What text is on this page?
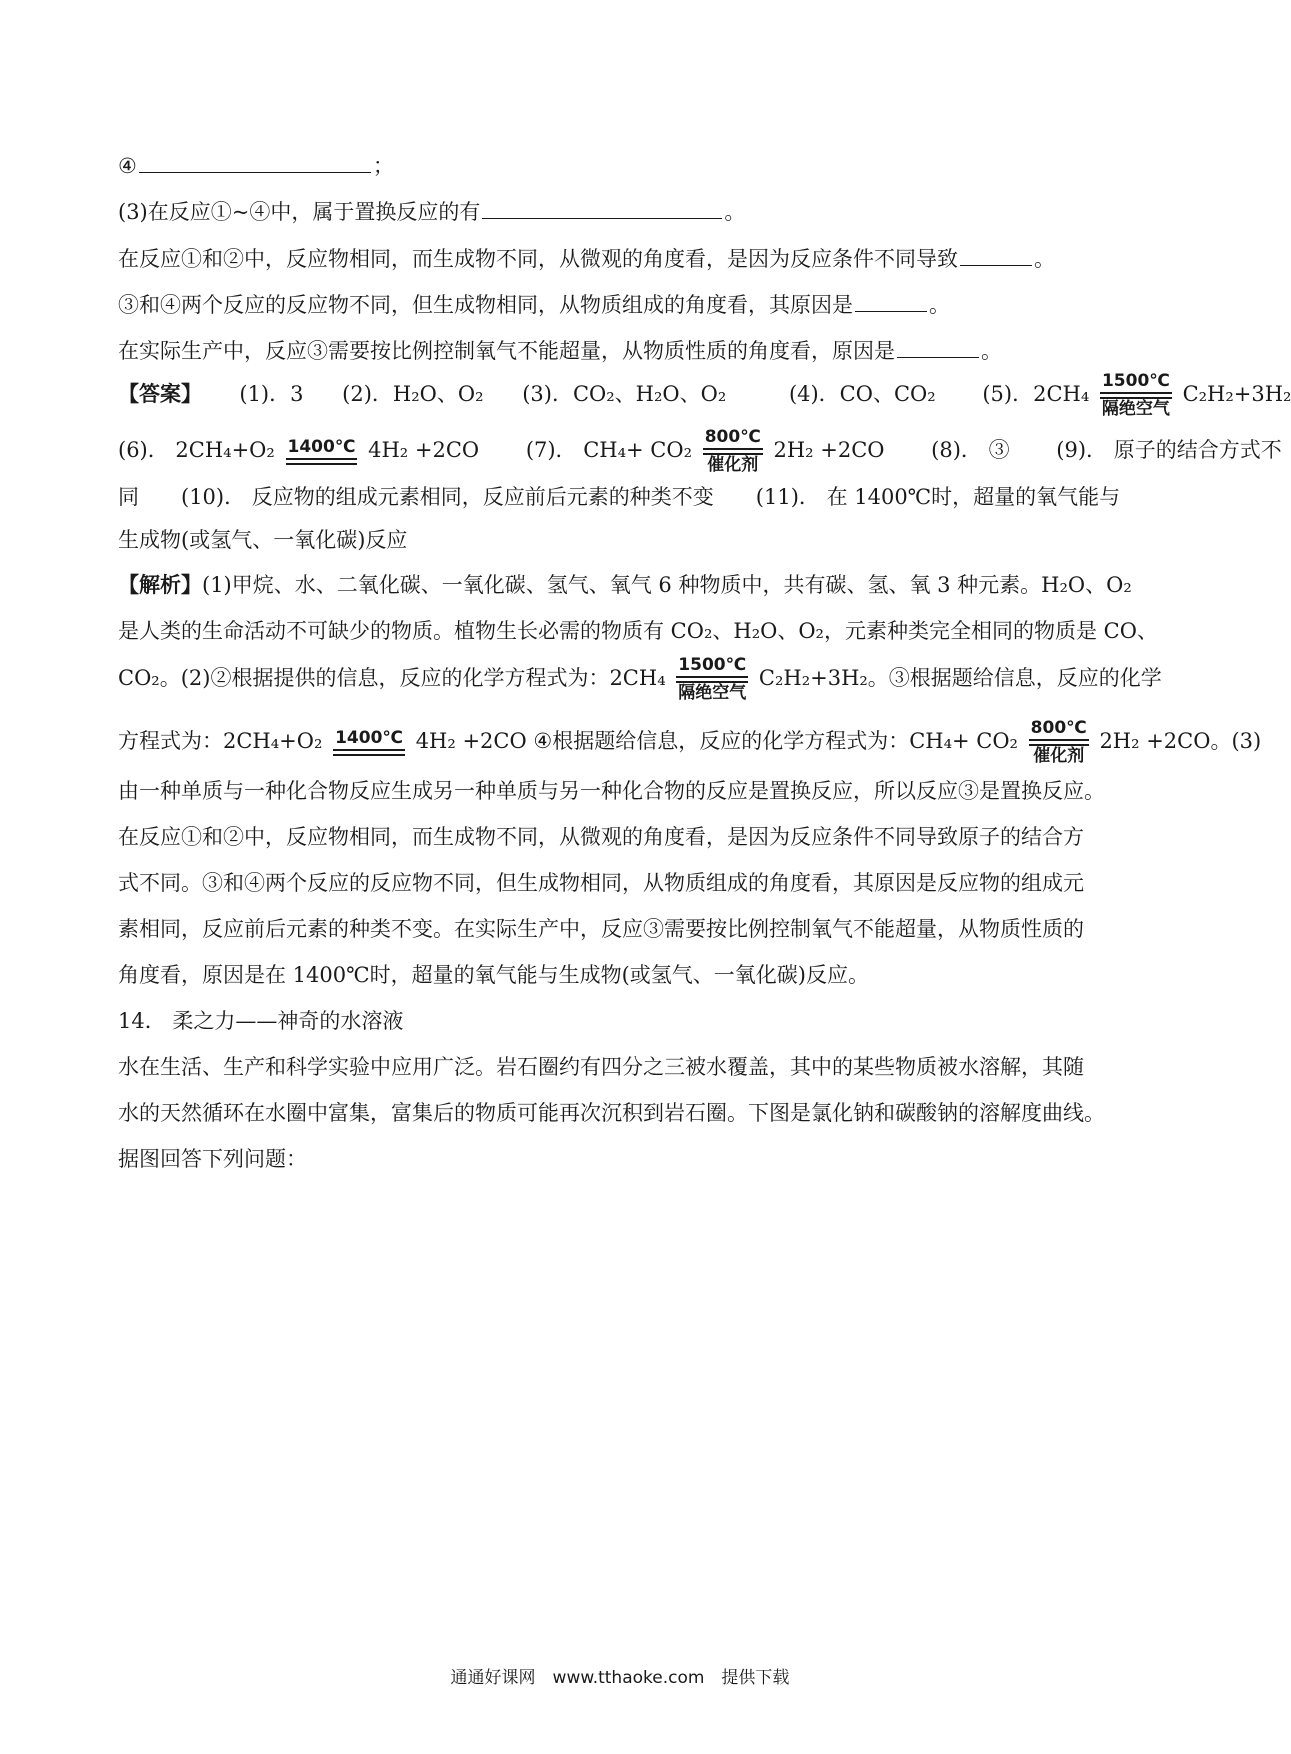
④	；
(3)在反应①~④中，属于置换反应的有	。
在反应①和②中，反应物相同，而生成物不同，从微观的角度看，是因为反应条件不同导致	。
③和④两个反应的反应物不同，但生成物相同，从物质组成的角度看，其原因是	。
在实际生产中，反应③需要按比例控制氧气不能超量，从物质性质的角度看，原因是	。
【答案】 (1)．3 (2)．H₂O、O₂ (3)．CO₂、H₂O、O₂	(4)．CO、CO₂ (5)．2CH₄
1500℃
隔绝空气
C₂H₂+3H₂
(6)． 2CH₄+O₂ 1400℃ 4H₂ +2CO (7)． CH₄+ CO₂
800℃
催化剂
2H₂ +2CO (8)． ③ (9)． 原子的结合方式不
同　　(10)． 反应物的组成元素相同，反应前后元素的种类不变　　(11)． 在 1400℃时，超量的氧气能与
生成物(或氢气、一氧化碳)反应
【解析】(1)甲烷、水、二氧化碳、一氧化碳、氢气、氧气 6 种物质中，共有碳、氢、氧 3 种元素。H₂O、O₂
是人类的生命活动不可缺少的物质。植物生长必需的物质有 CO₂、H₂O、O₂，元素种类完全相同的物质是 CO、
CO₂。(2)②根据提供的信息，反应的化学方程式为：2CH₄
1500℃
隔绝空气
C₂H₂+3H₂。③根据题给信息，反应的化学
方程式为：2CH₄+O₂ 1400℃ 4H₂ +2CO ④根据题给信息，反应的化学方程式为：CH₄+ CO₂
800℃
催化剂
2H₂ +2CO。(3)
由一种单质与一种化合物反应生成另一种单质与另一种化合物的反应是置换反应，所以反应③是置换反应。
在反应①和②中，反应物相同，而生成物不同，从微观的角度看，是因为反应条件不同导致原子的结合方
式不同。③和④两个反应的反应物不同，但生成物相同，从物质组成的角度看，其原因是反应物的组成元
素相同，反应前后元素的种类不变。在实际生产中，反应③需要按比例控制氧气不能超量，从物质性质的
角度看，原因是在 1400℃时，超量的氧气能与生成物(或氢气、一氧化碳)反应。
14． 柔之力——神奇的水溶液
水在生活、生产和科学实验中应用广泛。岩石圈约有四分之三被水覆盖，其中的某些物质被水溶解，其随
水的天然循环在水圈中富集，富集后的物质可能再次沉积到岩石圈。下图是氯化钠和碳酸钠的溶解度曲线。
据图回答下列问题：
通通好课网　www.tthaoke.com　提供下载
